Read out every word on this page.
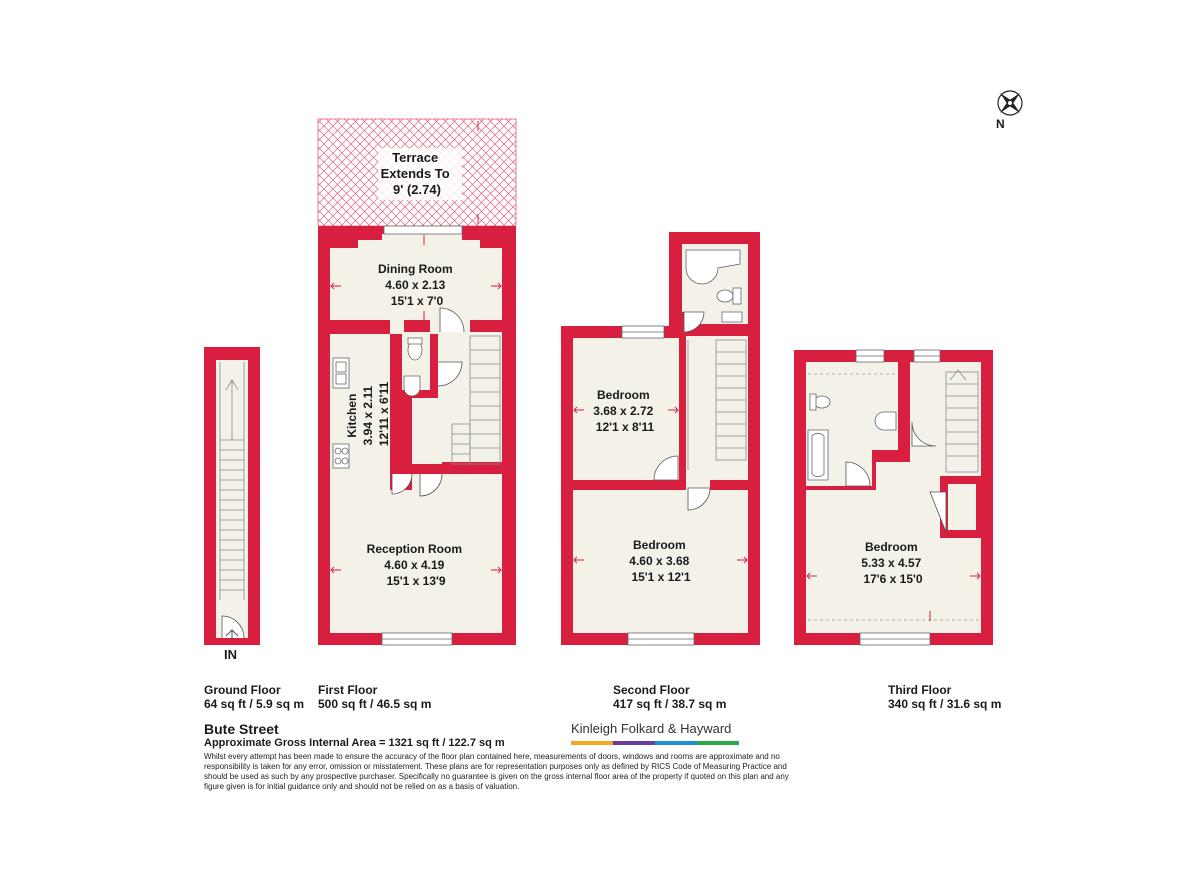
N
Terrace Extends To 9' (2.74)
Dining Room 4.60 x 2.13 15'1 x 7'0
Kitchen 3.94 x 2.11 12'11 x 6'11
Reception Room 4.60 x 4.19 15'1 x 13'9
Bedroom 3.68 x 2.72 12'1 x 8'11
Bedroom 4.60 x 3.68 15'1 x 12'1
Bedroom 5.33 x 4.57 17'6 x 15'0
IN
Ground Floor
64 sq ft / 5.9 sq m
First Floor
500 sq ft / 46.5 sq m
Second Floor
417 sq ft / 38.7 sq m
Third Floor
340 sq ft / 31.6 sq m
Bute Street
Approximate Gross Internal Area = 1321 sq ft / 122.7 sq m
Whilst every attempt has been made to ensure the accuracy of the floor plan contained here, measurements of doors, windows and rooms are approximate and no responsibility is taken for any error, omission or misstatement. These plans are for representation purposes only as defined by RICS Code of Measuring Practice and should be used as such by any prospective purchaser. Specifically no guarantee is given on the gross internal floor area of the property if quoted on this plan and any figure given is for initial guidance only and should not be relied on as a basis of valuation.
Kinleigh Folkard & Hayward
